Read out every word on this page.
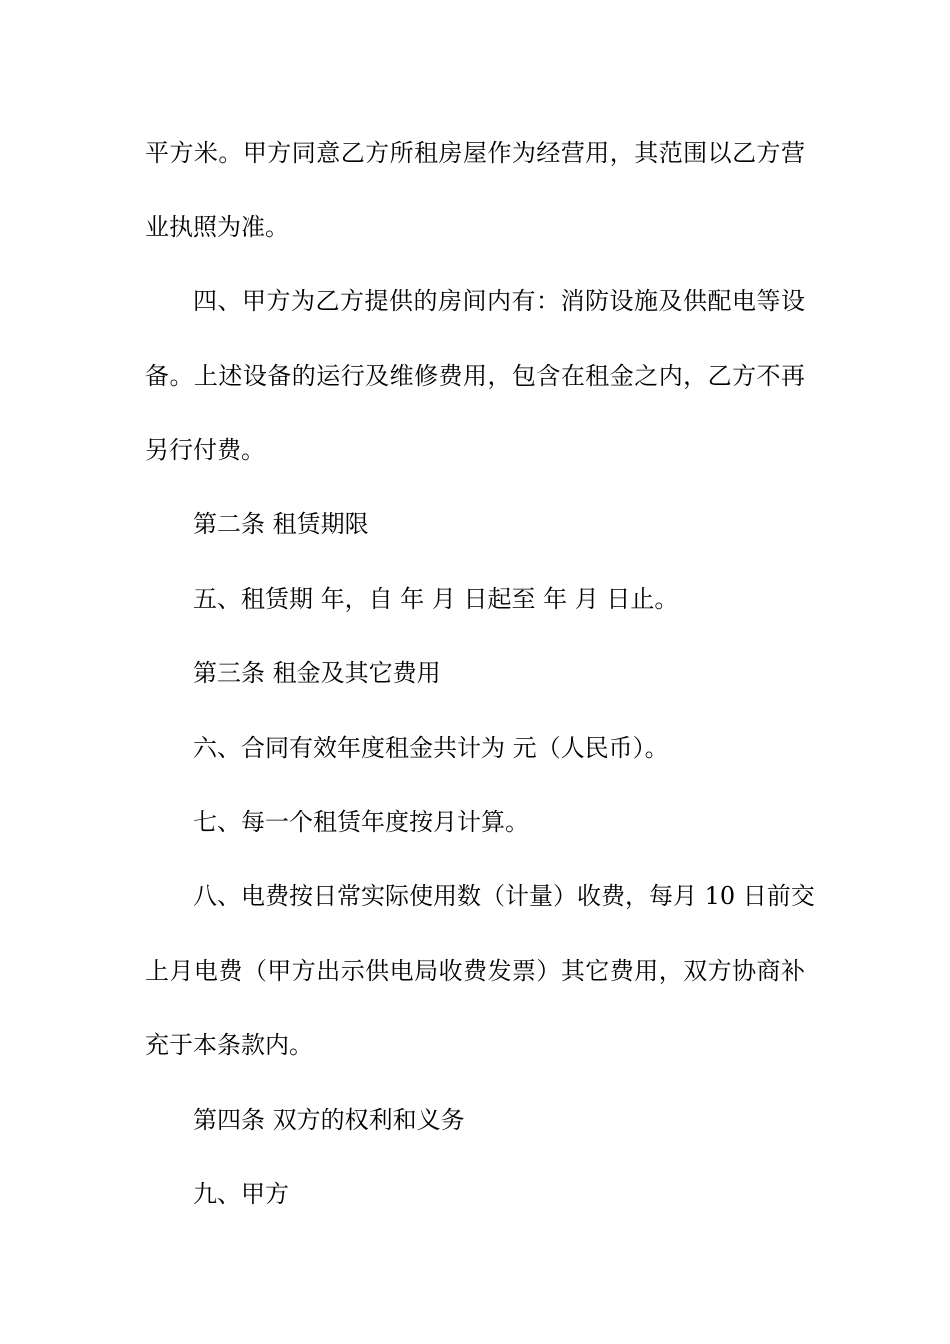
平方米。甲方同意乙方所租房屋作为经营用，其范围以乙方营
业执照为准。
四、甲方为乙方提供的房间内有：消防设施及供配电等设
备。上述设备的运行及维修费用，包含在租金之内，乙方不再
另行付费。
第二条 租赁期限
五、租赁期 年，自 年 月 日起至 年 月 日止。
第三条 租金及其它费用
六、合同有效年度租金共计为 元（人民币）。
七、每一个租赁年度按月计算。
八、电费按日常实际使用数（计量）收费，每月 10 日前交
上月电费（甲方出示供电局收费发票）其它费用，双方协商补
充于本条款内。
第四条 双方的权利和义务
九、甲方
